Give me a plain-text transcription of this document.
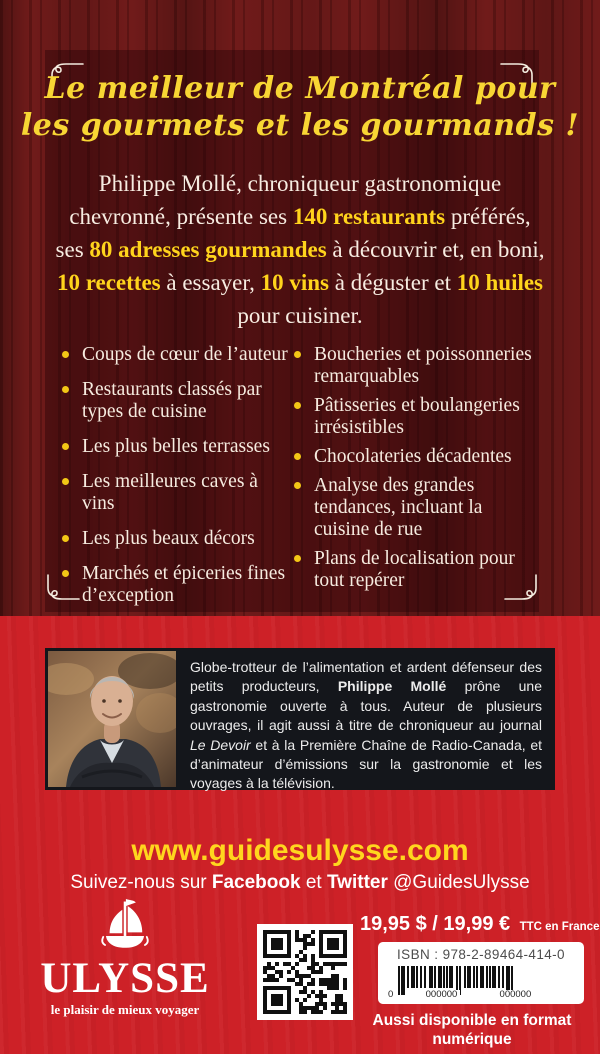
Le meilleur de Montréal pour
les gourmets et les gourmands !
Philippe Mollé, chroniqueur gastronomique chevronné, présente ses 140 restaurants préférés, ses 80 adresses gourmandes à découvrir et, en boni, 10 recettes à essayer, 10 vins à déguster et 10 huiles pour cuisiner.
Coups de cœur de l’auteur
Restaurants classés par types de cuisine
Les plus belles terrasses
Les meilleures caves à vins
Les plus beaux décors
Marchés et épiceries fines d’exception
Boucheries et poissonneries remarquables
Pâtisseries et boulangeries irrésistibles
Chocolateries décadentes
Analyse des grandes tendances, incluant la cuisine de rue
Plans de localisation pour tout repérer
Globe-trotteur de l’alimentation et ardent défenseur des petits producteurs, Philippe Mollé prône une gastronomie ouverte à tous. Auteur de plusieurs ouvrages, il agit aussi à titre de chroniqueur au journal Le Devoir et à la Première Chaîne de Radio-Canada, et d’animateur d’émissions sur la gastronomie et les voyages à la télévision.
www.guidesulysse.com
Suivez-nous sur Facebook et Twitter @GuidesUlysse
ULYSSE
le plaisir de mieux voyager
19,95 $ / 19,99 € TTC en France
ISBN : 978-2-89464-414-0
0	000000	000000
Aussi disponible en format numérique
